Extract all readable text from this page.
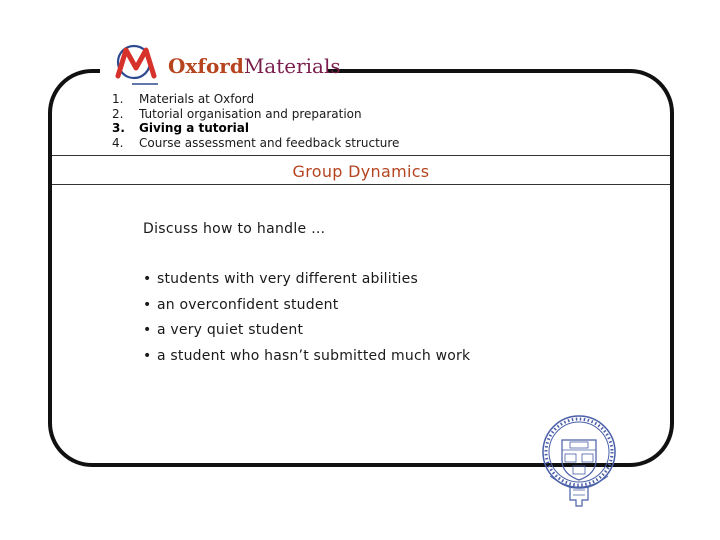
OxfordMaterials
1.	Materials at Oxford
2.	Tutorial organisation and preparation
3.	Giving a tutorial
4.	Course assessment and feedback structure
Group Dynamics
Discuss how to handle …
• students with very different abilities
• an overconfident student
• a very quiet student
• a student who hasn’t submitted much work
